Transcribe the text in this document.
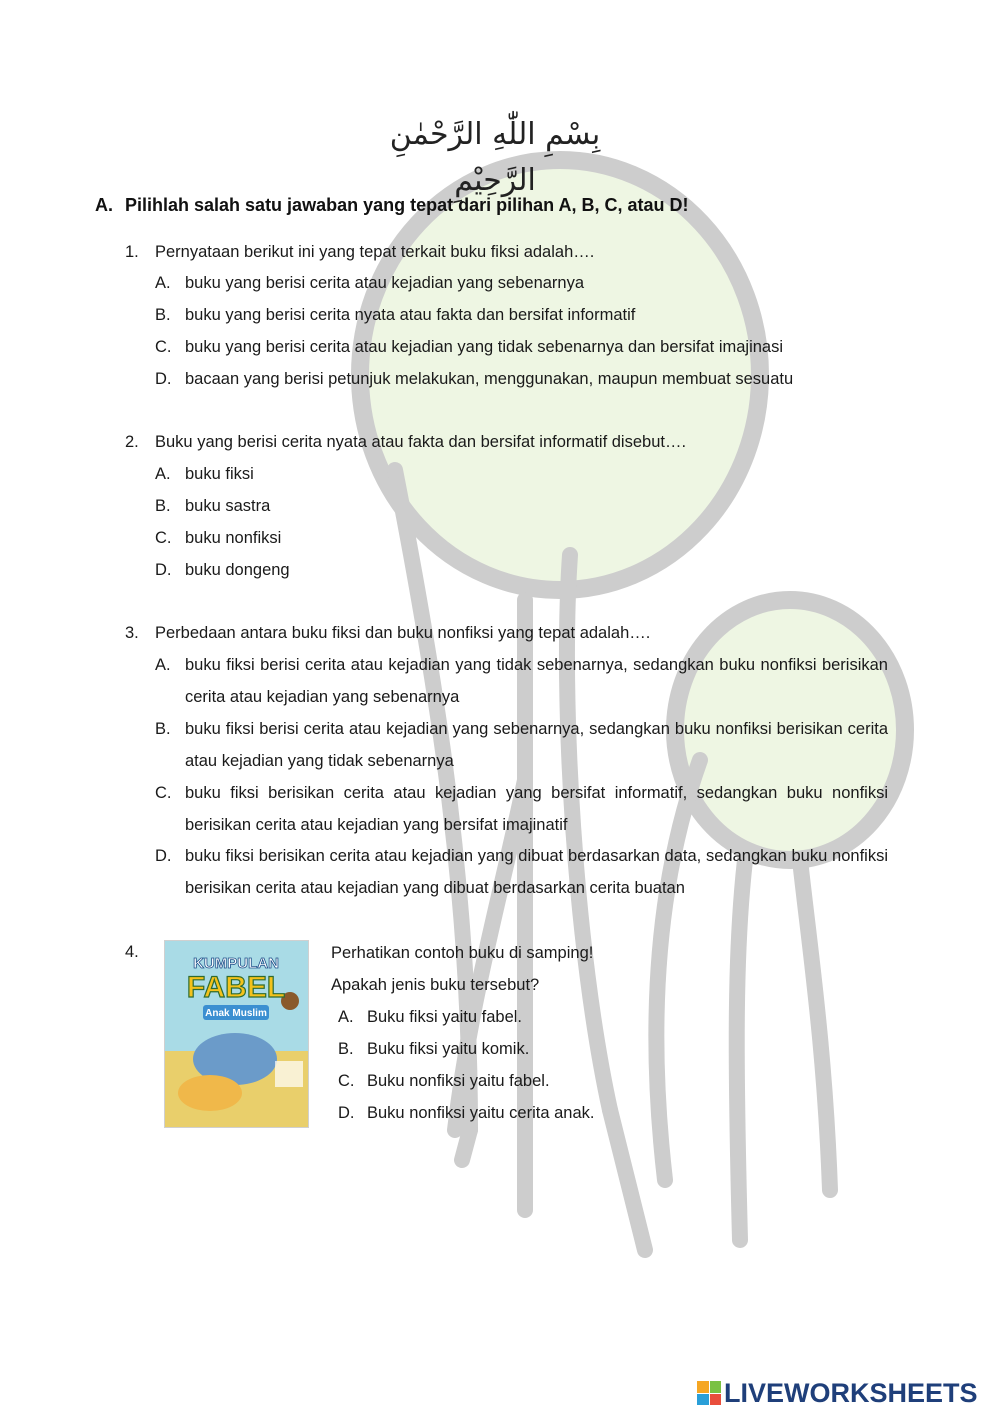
بِسْمِ اللّٰهِ الرَّحْمٰنِ الرَّحِيْمِ
A. Pilihlah salah satu jawaban yang tepat dari pilihan A, B, C, atau D!
1. Pernyataan berikut ini yang tepat terkait buku fiksi adalah….
A. buku yang berisi cerita atau kejadian yang sebenarnya
B. buku yang berisi cerita nyata atau fakta dan bersifat informatif
C. buku yang berisi cerita atau kejadian yang tidak sebenarnya dan bersifat imajinasi
D. bacaan yang berisi petunjuk melakukan, menggunakan, maupun membuat sesuatu
2. Buku yang berisi cerita nyata atau fakta dan bersifat informatif disebut….
A. buku fiksi
B. buku sastra
C. buku nonfiksi
D. buku dongeng
3. Perbedaan antara buku fiksi dan buku nonfiksi yang tepat adalah….
A. buku fiksi berisi cerita atau kejadian yang tidak sebenarnya, sedangkan buku nonfiksi berisikan cerita atau kejadian yang sebenarnya
B. buku fiksi berisi cerita atau kejadian yang sebenarnya, sedangkan buku nonfiksi berisikan cerita atau kejadian yang tidak sebenarnya
C. buku fiksi berisikan cerita atau kejadian yang bersifat informatif, sedangkan buku nonfiksi berisikan cerita atau kejadian yang bersifat imajinatif
D. buku fiksi berisikan cerita atau kejadian yang dibuat berdasarkan data, sedangkan buku nonfiksi berisikan cerita atau kejadian yang dibuat berdasarkan cerita buatan
4.
KUMPULAN
FABEL
Anak Muslim
Perhatikan contoh buku di samping!
Apakah jenis buku tersebut?
A. Buku fiksi yaitu fabel.
B. Buku fiksi yaitu komik.
C. Buku nonfiksi yaitu fabel.
D. Buku nonfiksi yaitu cerita anak.
LIVEWORKSHEETS
